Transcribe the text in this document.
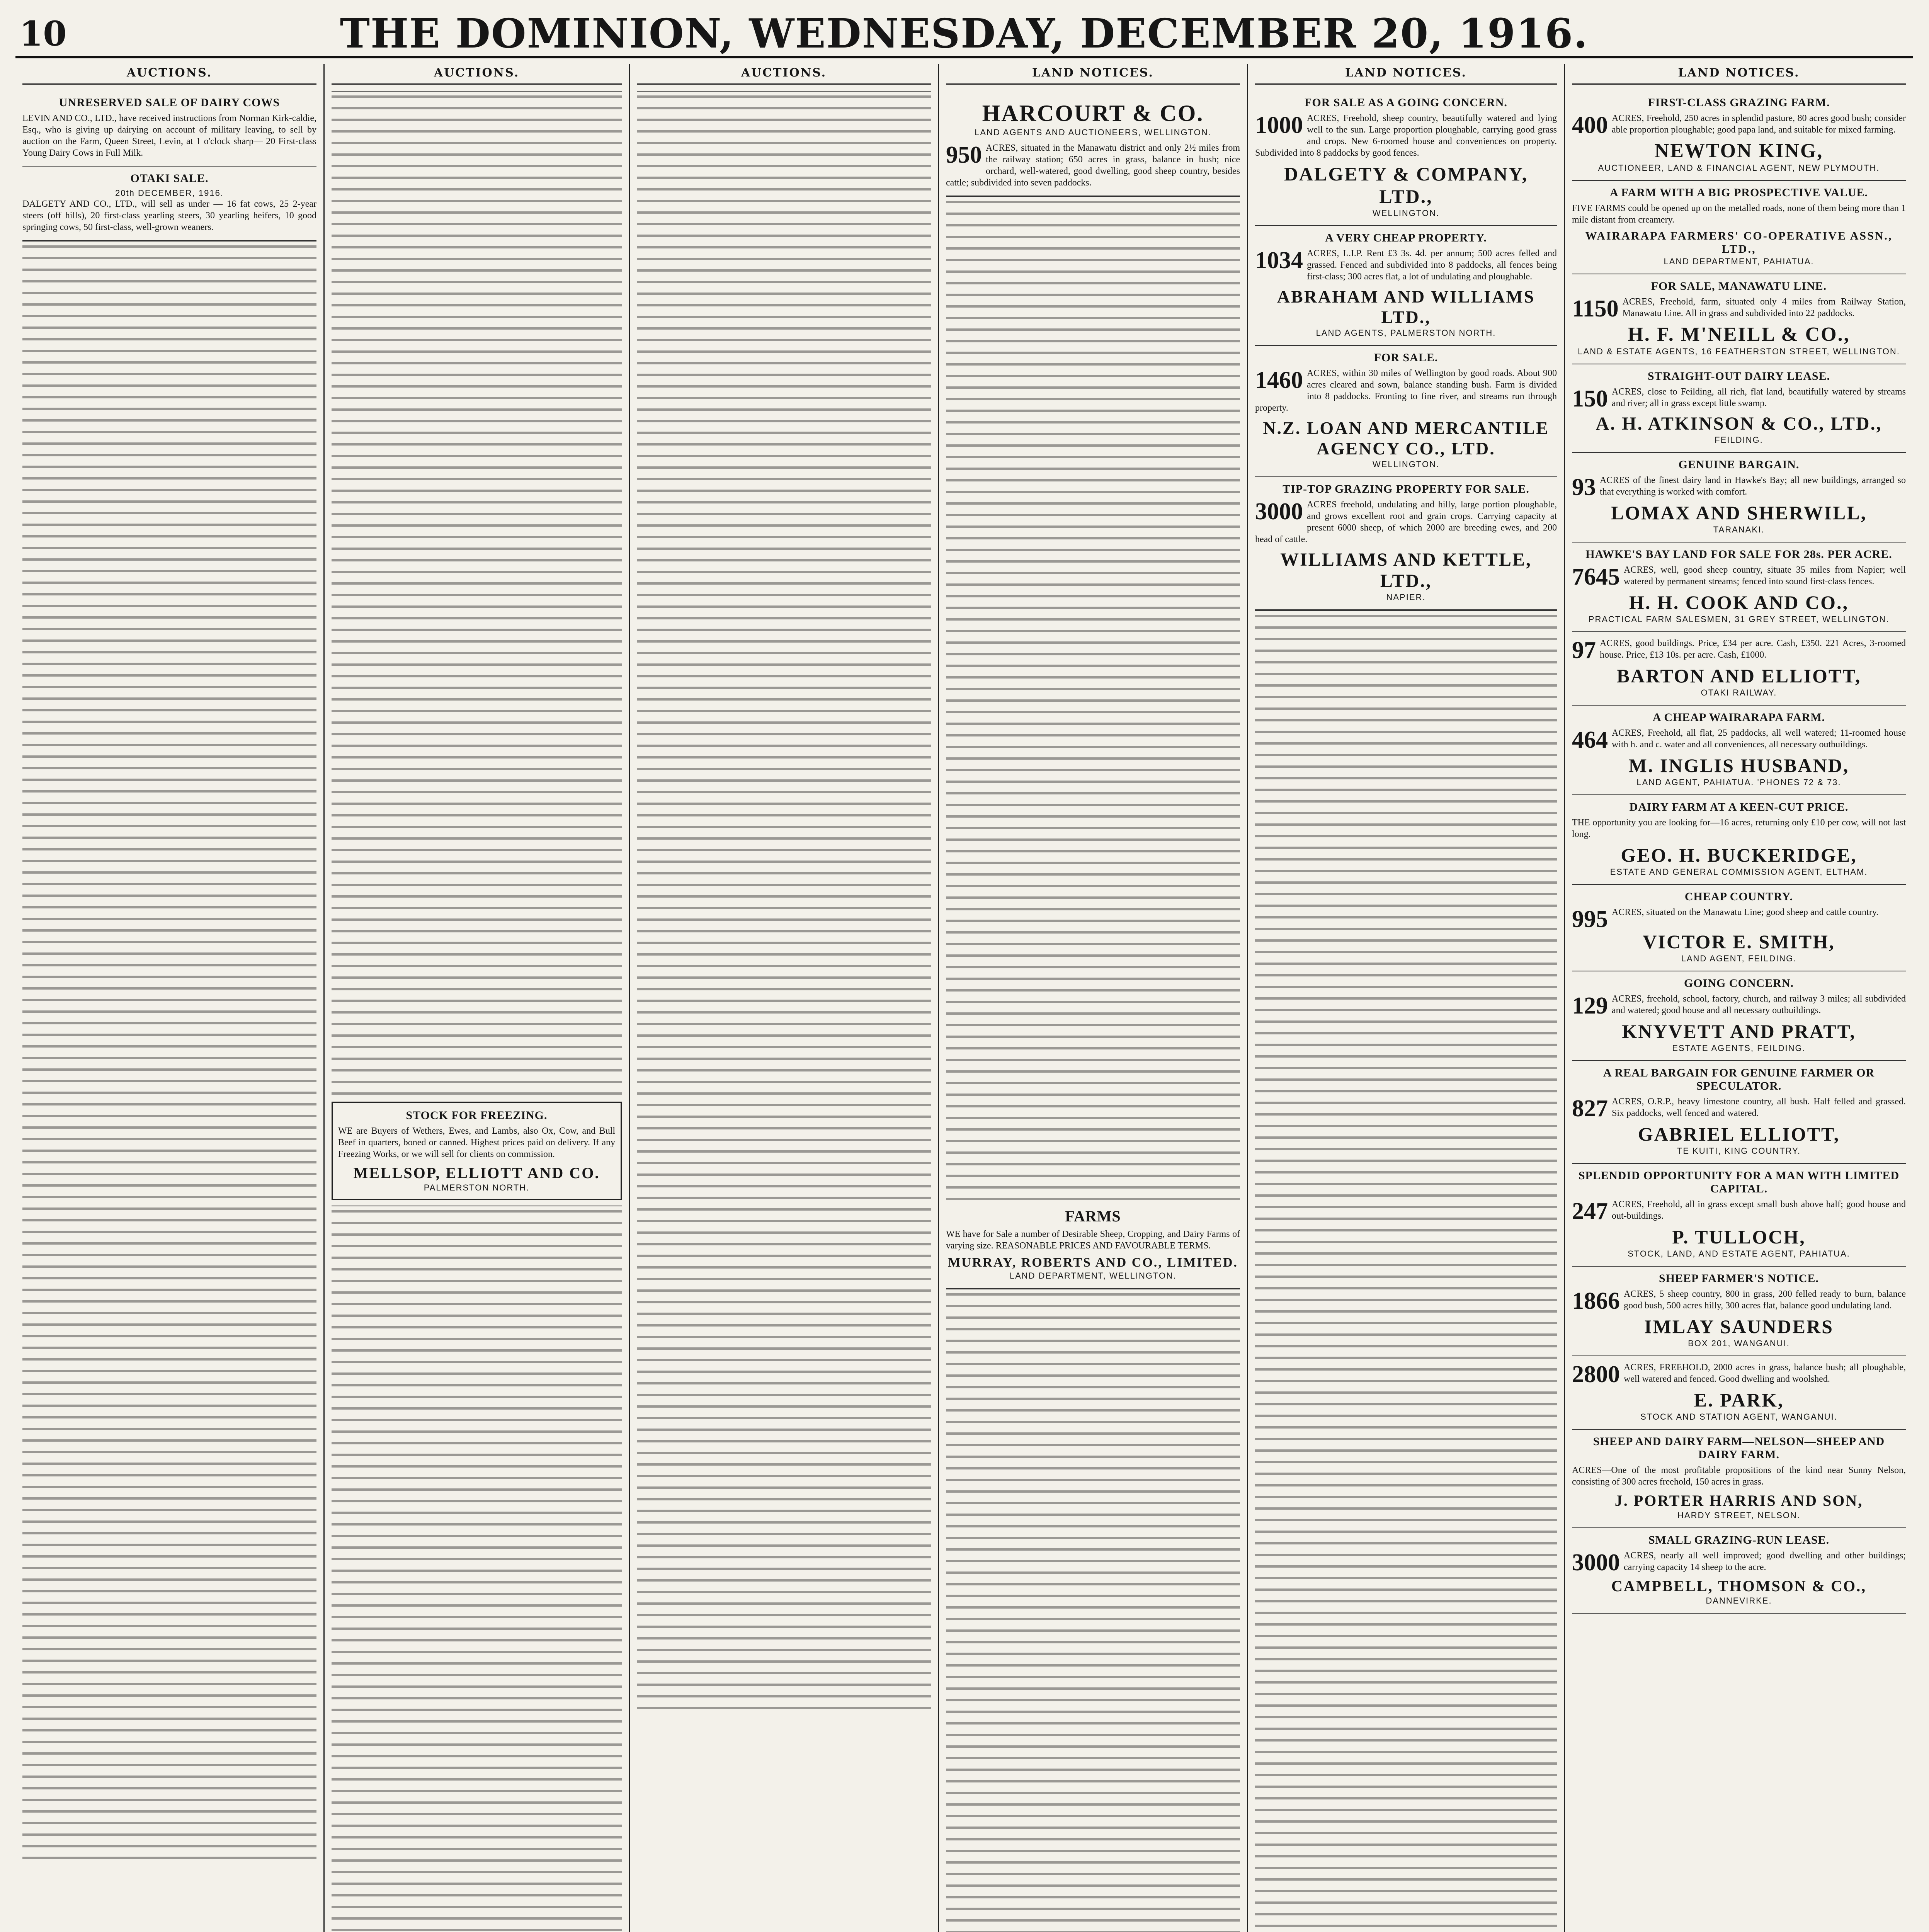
10	THE DOMINION, WEDNESDAY, DECEMBER 20, 1916.
AUCTIONS.
UNRESERVED SALE OF DAIRY COWS

LEVIN AND CO., LTD., have received instructions from Norman Kirk-caldie, Esq., who is giving up dairying on account of military leaving, to sell by auction on the Farm, Queen Street, Levin, at 1 o'clock sharp— 20 First-class Young Dairy Cows in Full Milk.

OTAKI SALE.
20th DECEMBER, 1916.

DALGETY AND CO., LTD., will sell as under — 16 fat cows, 25 2-year steers (off hills), 20 first-class yearling steers, 30 yearling heifers, 10 good springing cows, 50 first-class, well-grown weaners.

AUCTIONS.
STOCK FOR FREEZING.

WE are Buyers of Wethers, Ewes, and Lambs, also Ox, Cow, and Bull Beef in quarters, boned or canned. Highest prices paid on delivery. If any Freezing Works, or we will sell for clients on commission.

MELLSOP, ELLIOTT AND CO.
PALMERSTON NORTH.
AUCTIONS.	LAND NOTICES.
HARCOURT & CO.
LAND AGENTS AND AUCTIONEERS, WELLINGTON.
950 ACRES, situated in the Manawatu district and only 2½ miles from the railway station; 650 acres in grass, balance in bush; nice orchard, well-watered, good dwelling, good sheep country, besides cattle; subdivided into seven paddocks.

FARMS

WE have for Sale a number of Desirable Sheep, Cropping, and Dairy Farms of varying size. REASONABLE PRICES AND FAVOURABLE TERMS.

MURRAY, ROBERTS AND CO., LIMITED.
LAND DEPARTMENT, WELLINGTON.
LAND NOTICES.
FOR SALE AS A GOING CONCERN.
1000 ACRES, Freehold, sheep country, beautifully watered and lying well to the sun. Large proportion ploughable, carrying good grass and crops. New 6-roomed house and conveniences on property. Subdivided into 8 paddocks by good fences.

DALGETY & COMPANY, LTD.,
WELLINGTON.
A VERY CHEAP PROPERTY.
1034 ACRES, L.I.P. Rent £3 3s. 4d. per annum; 500 acres felled and grassed. Fenced and subdivided into 8 paddocks, all fences being first-class; 300 acres flat, a lot of undulating and ploughable.

ABRAHAM AND WILLIAMS LTD.,
LAND AGENTS, PALMERSTON NORTH.
FOR SALE.
1460 ACRES, within 30 miles of Wellington by good roads. About 900 acres cleared and sown, balance standing bush. Farm is divided into 8 paddocks. Fronting to fine river, and streams run through property.

N.Z. LOAN AND MERCANTILE AGENCY CO., LTD.
WELLINGTON.
TIP-TOP GRAZING PROPERTY FOR SALE.
3000 ACRES freehold, undulating and hilly, large portion ploughable, and grows excellent root and grain crops. Carrying capacity at present 6000 sheep, of which 2000 are breeding ewes, and 200 head of cattle.

WILLIAMS AND KETTLE, LTD.,
NAPIER.
LAND NOTICES.
FIRST-CLASS GRAZING FARM.
400 ACRES, Freehold, 250 acres in splendid pasture, 80 acres good bush; consider able proportion ploughable; good papa land, and suitable for mixed farming.

NEWTON KING,
AUCTIONEER, LAND & FINANCIAL AGENT, NEW PLYMOUTH.
A FARM WITH A BIG PROSPECTIVE VALUE.

FIVE FARMS could be opened up on the metalled roads, none of them being more than 1 mile distant from creamery.

WAIRARAPA FARMERS' CO-OPERATIVE ASSN., LTD.,
LAND DEPARTMENT, PAHIATUA.
FOR SALE, MANAWATU LINE.
1150 ACRES, Freehold, farm, situated only 4 miles from Railway Station, Manawatu Line. All in grass and subdivided into 22 paddocks.

H. F. M'NEILL & CO.,
LAND & ESTATE AGENTS, 16 FEATHERSTON STREET, WELLINGTON.
STRAIGHT-OUT DAIRY LEASE.
150 ACRES, close to Feilding, all rich, flat land, beautifully watered by streams and river; all in grass except little swamp.

A. H. ATKINSON & CO., LTD.,
FEILDING.
GENUINE BARGAIN.
93 ACRES of the finest dairy land in Hawke's Bay; all new buildings, arranged so that everything is worked with comfort.

LOMAX AND SHERWILL,
TARANAKI.
HAWKE'S BAY LAND FOR SALE FOR 28s. PER ACRE.
7645 ACRES, well, good sheep country, situate 35 miles from Napier; well watered by permanent streams; fenced into sound first-class fences.

H. H. COOK AND CO.,
PRACTICAL FARM SALESMEN, 31 GREY STREET, WELLINGTON.
97 ACRES, good buildings. Price, £34 per acre. Cash, £350. 221 Acres, 3-roomed house. Price, £13 10s. per acre. Cash, £1000.

BARTON AND ELLIOTT,
OTAKI RAILWAY.
A CHEAP WAIRARAPA FARM.
464 ACRES, Freehold, all flat, 25 paddocks, all well watered; 11-roomed house with h. and c. water and all conveniences, all necessary outbuildings.

M. INGLIS HUSBAND,
LAND AGENT, PAHIATUA. 'PHONES 72 & 73.
DAIRY FARM AT A KEEN-CUT PRICE.

THE opportunity you are looking for—16 acres, returning only £10 per cow, will not last long.

GEO. H. BUCKERIDGE,
ESTATE AND GENERAL COMMISSION AGENT, ELTHAM.
CHEAP COUNTRY.
995 ACRES, situated on the Manawatu Line; good sheep and cattle country.

VICTOR E. SMITH,
LAND AGENT, FEILDING.
GOING CONCERN.
129 ACRES, freehold, school, factory, church, and railway 3 miles; all subdivided and watered; good house and all necessary outbuildings.

KNYVETT AND PRATT,
ESTATE AGENTS, FEILDING.
A REAL BARGAIN FOR GENUINE FARMER OR SPECULATOR.
827 ACRES, O.R.P., heavy limestone country, all bush. Half felled and grassed. Six paddocks, well fenced and watered.

GABRIEL ELLIOTT,
TE KUITI, KING COUNTRY.
SPLENDID OPPORTUNITY FOR A MAN WITH LIMITED CAPITAL.
247 ACRES, Freehold, all in grass except small bush above half; good house and out-buildings.

P. TULLOCH,
STOCK, LAND, AND ESTATE AGENT, PAHIATUA.
SHEEP FARMER'S NOTICE.
1866 ACRES, 5 sheep country, 800 in grass, 200 felled ready to burn, balance good bush, 500 acres hilly, 300 acres flat, balance good undulating land.

IMLAY SAUNDERS
BOX 201, WANGANUI.
2800 ACRES, FREEHOLD, 2000 acres in grass, balance bush; all ploughable, well watered and fenced. Good dwelling and woolshed.

E. PARK,
STOCK AND STATION AGENT, WANGANUI.
SHEEP AND DAIRY FARM—NELSON—SHEEP AND DAIRY FARM.

ACRES—One of the most profitable propositions of the kind near Sunny Nelson, consisting of 300 acres freehold, 150 acres in grass.

J. PORTER HARRIS AND SON,
HARDY STREET, NELSON.
SMALL GRAZING-RUN LEASE.
3000 ACRES, nearly all well improved; good dwelling and other buildings; carrying capacity 14 sheep to the acre.

CAMPBELL, THOMSON & CO.,
DANNEVIRKE.
